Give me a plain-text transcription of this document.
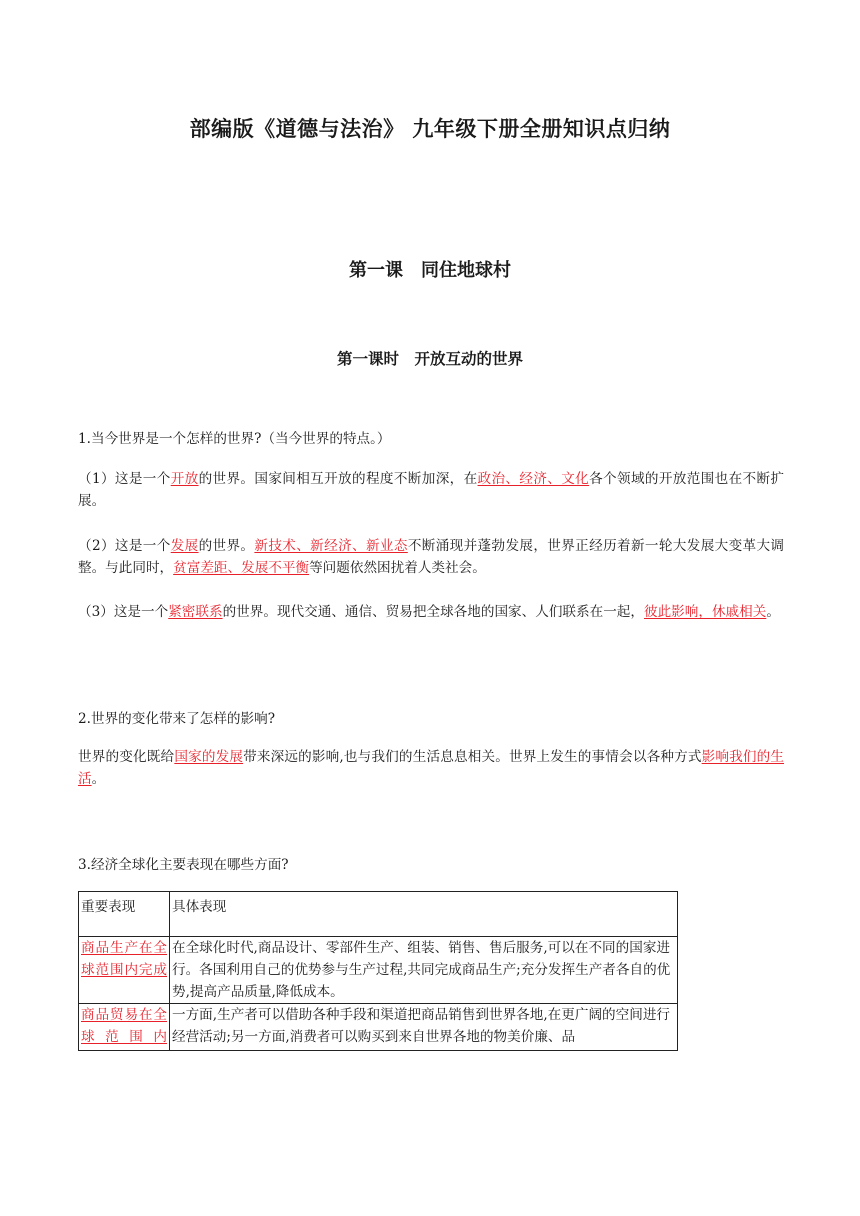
部编版《道德与法治》 九年级下册全册知识点归纳
第一课　同住地球村
第一课时　开放互动的世界
1.当今世界是一个怎样的世界?（当今世界的特点。）
（1）这是一个开放的世界。国家间相互开放的程度不断加深，在政治、经济、文化各个领域的开放范围也在不断扩展。
（2）这是一个发展的世界。新技术、新经济、新业态不断涌现并蓬勃发展，世界正经历着新一轮大发展大变革大调整。与此同时，贫富差距、发展不平衡等问题依然困扰着人类社会。
（3）这是一个紧密联系的世界。现代交通、通信、贸易把全球各地的国家、人们联系在一起，彼此影响，休戚相关。
2.世界的变化带来了怎样的影响?
世界的变化既给国家的发展带来深远的影响,也与我们的生活息息相关。世界上发生的事情会以各种方式影响我们的生活。
3.经济全球化主要表现在哪些方面?
重要表现	具体表现

商品生产在全球范围内完成	在全球化时代,商品设计、零部件生产、组装、销售、售后服务,可以在不同的国家进行。各国利用自己的优势参与生产过程,共同完成商品生产;充分发挥生产者各自的优势,提高产品质量,降低成本。

商品贸易在全球范围内	一方面,生产者可以借助各种手段和渠道把商品销售到世界各地,在更广阔的空间进行经营活动;另一方面,消费者可以购买到来自世界各地的物美价廉、品
